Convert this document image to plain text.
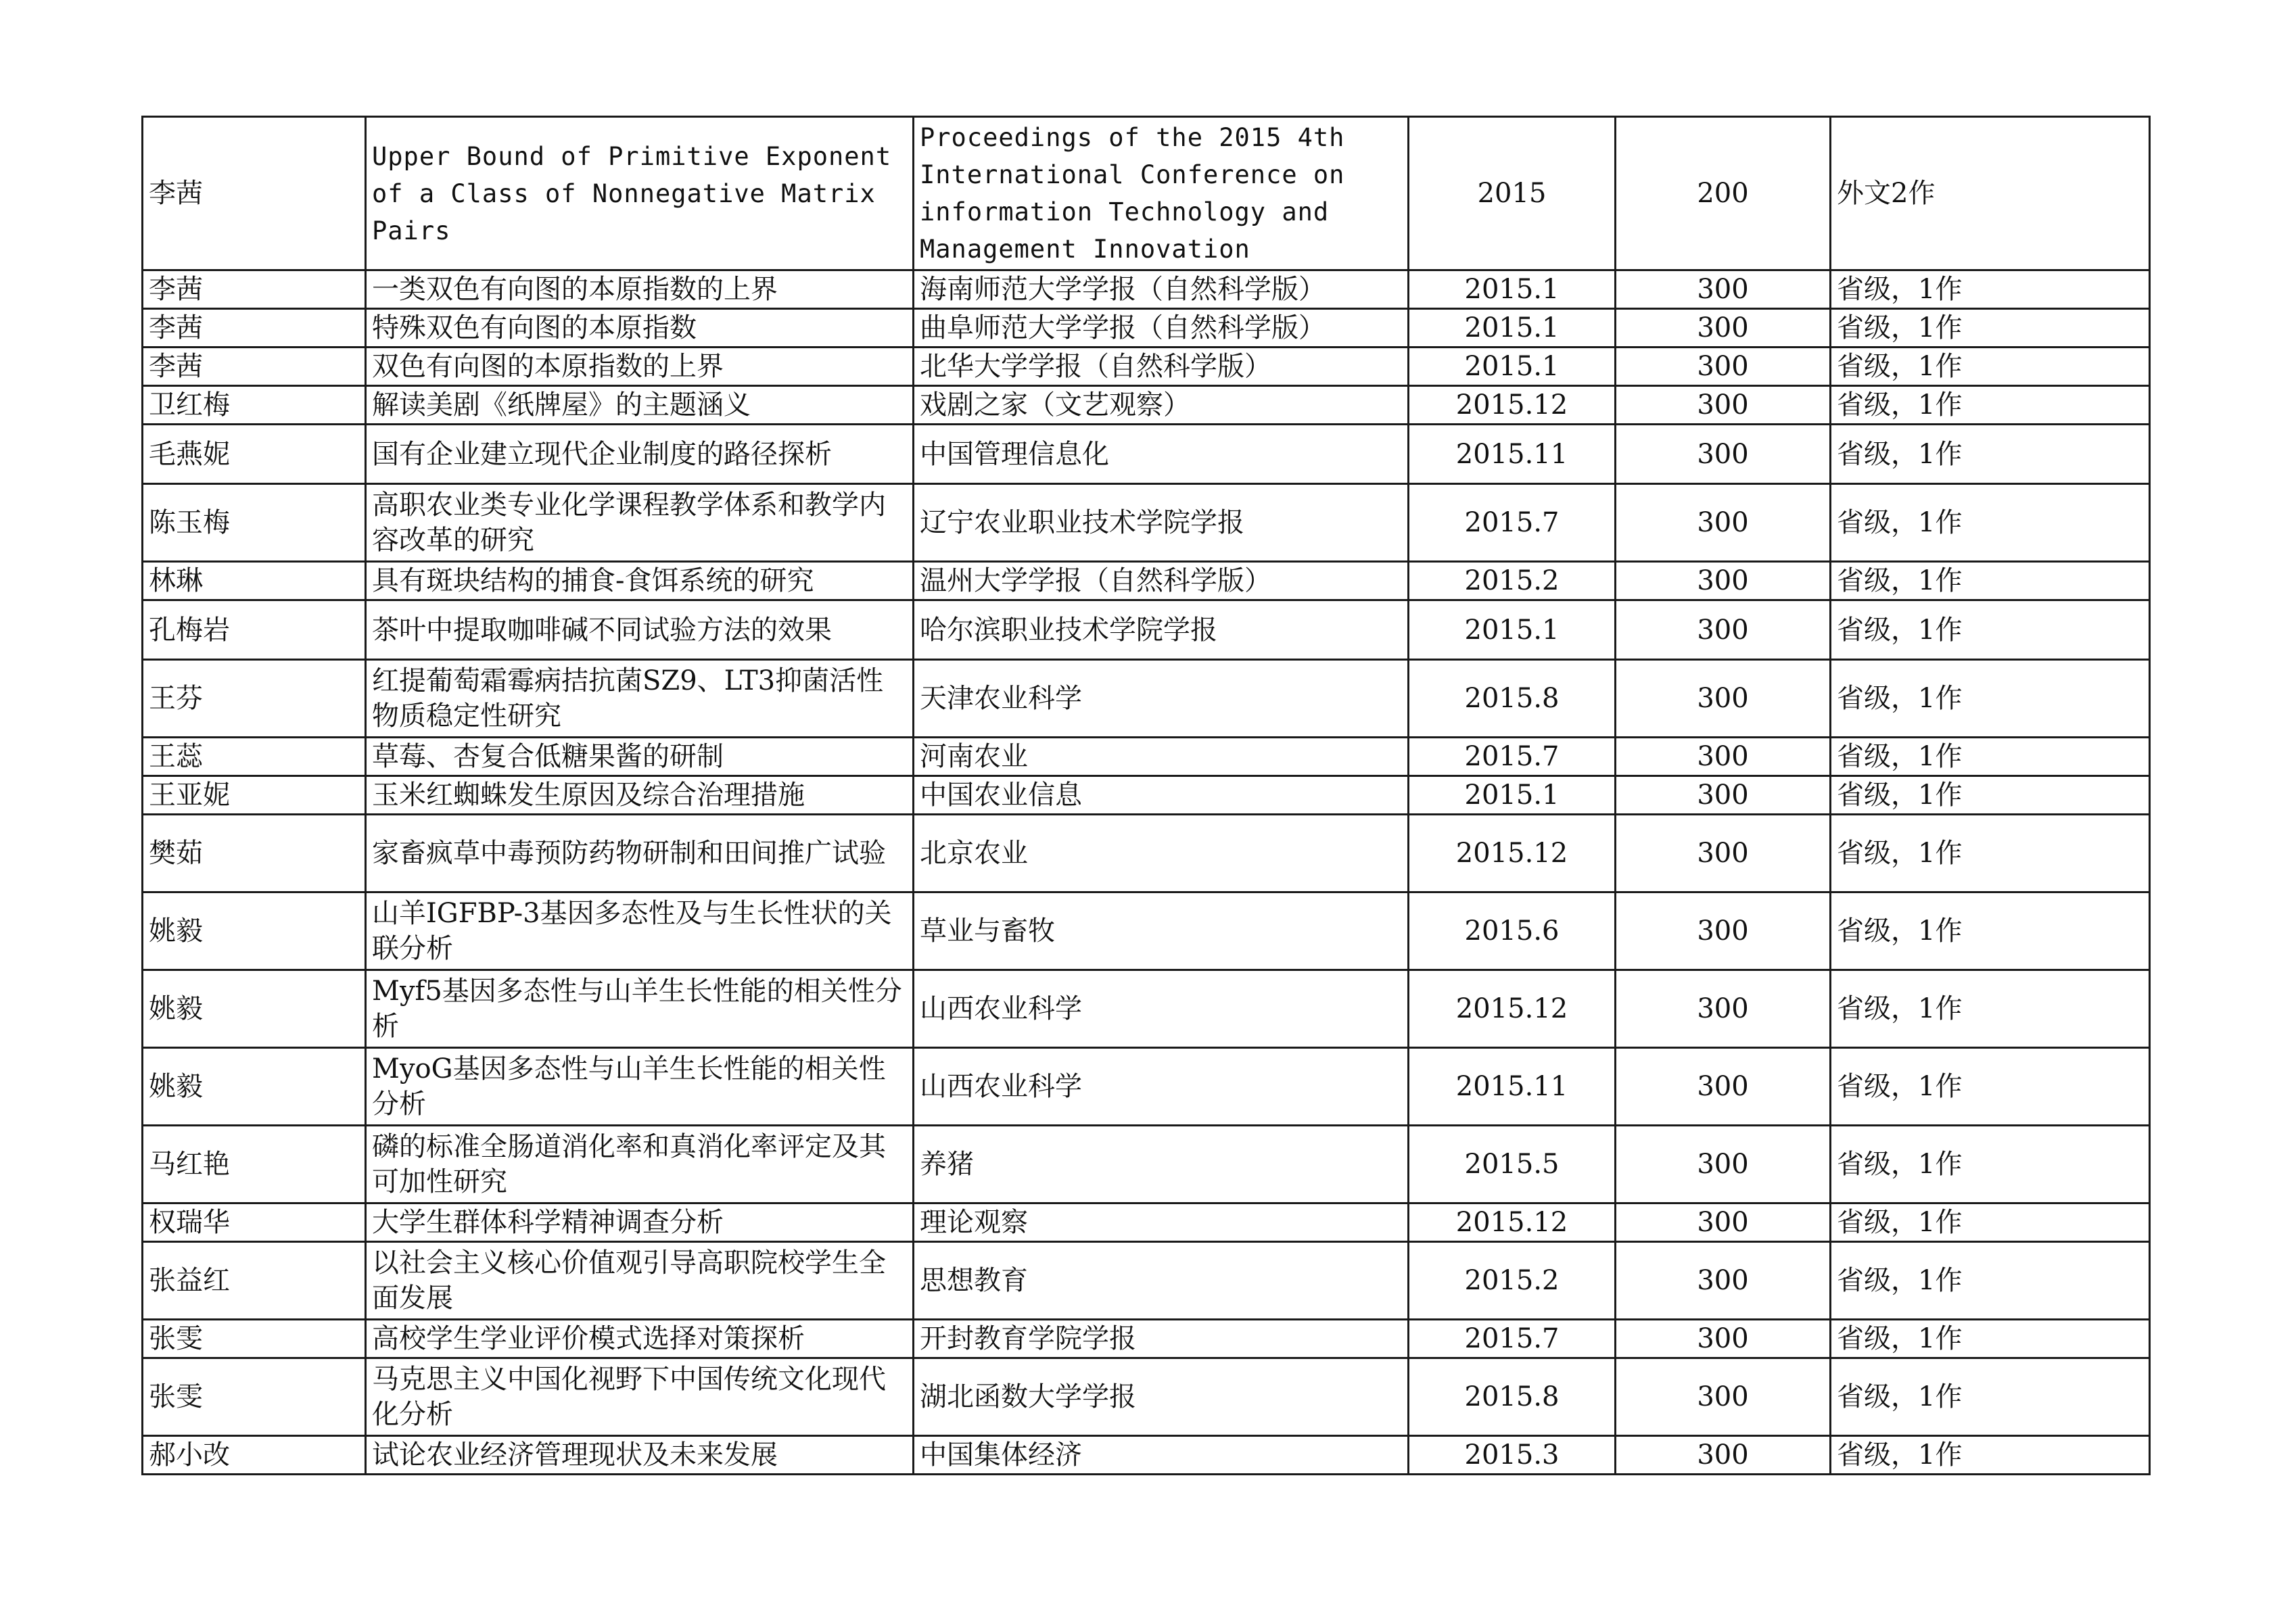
李茜	Upper Bound of Primitive Exponent of a Class of Nonnegative Matrix Pairs	Proceedings of the 2015 4th International Conference on information Technology and Management Innovation	2015	200	外文2作
李茜	一类双色有向图的本原指数的上界	海南师范大学学报（自然科学版）	2015.1	300	省级，1作
李茜	特殊双色有向图的本原指数	曲阜师范大学学报（自然科学版）	2015.1	300	省级，1作
李茜	双色有向图的本原指数的上界	北华大学学报（自然科学版）	2015.1	300	省级，1作
卫红梅	解读美剧《纸牌屋》的主题涵义	戏剧之家（文艺观察）	2015.12	300	省级，1作
毛燕妮	国有企业建立现代企业制度的路径探析	中国管理信息化	2015.11	300	省级，1作
陈玉梅	高职农业类专业化学课程教学体系和教学内容改革的研究	辽宁农业职业技术学院学报	2015.7	300	省级，1作
林琳	具有斑块结构的捕食-食饵系统的研究	温州大学学报（自然科学版）	2015.2	300	省级，1作
孔梅岩	茶叶中提取咖啡碱不同试验方法的效果	哈尔滨职业技术学院学报	2015.1	300	省级，1作
王芬	红提葡萄霜霉病拮抗菌SZ9、LT3抑菌活性物质稳定性研究	天津农业科学	2015.8	300	省级，1作
王蕊	草莓、杏复合低糖果酱的研制	河南农业	2015.7	300	省级，1作
王亚妮	玉米红蜘蛛发生原因及综合治理措施	中国农业信息	2015.1	300	省级，1作
樊茹	家畜疯草中毒预防药物研制和田间推广试验	北京农业	2015.12	300	省级，1作
姚毅	山羊IGFBP-3基因多态性及与生长性状的关联分析	草业与畜牧	2015.6	300	省级，1作
姚毅	Myf5基因多态性与山羊生长性能的相关性分析	山西农业科学	2015.12	300	省级，1作
姚毅	MyoG基因多态性与山羊生长性能的相关性分析	山西农业科学	2015.11	300	省级，1作
马红艳	磷的标准全肠道消化率和真消化率评定及其可加性研究	养猪	2015.5	300	省级，1作
权瑞华	大学生群体科学精神调查分析	理论观察	2015.12	300	省级，1作
张益红	以社会主义核心价值观引导高职院校学生全面发展	思想教育	2015.2	300	省级，1作
张雯	高校学生学业评价模式选择对策探析	开封教育学院学报	2015.7	300	省级，1作
张雯	马克思主义中国化视野下中国传统文化现代化分析	湖北函数大学学报	2015.8	300	省级，1作
郝小改	试论农业经济管理现状及未来发展	中国集体经济	2015.3	300	省级，1作
